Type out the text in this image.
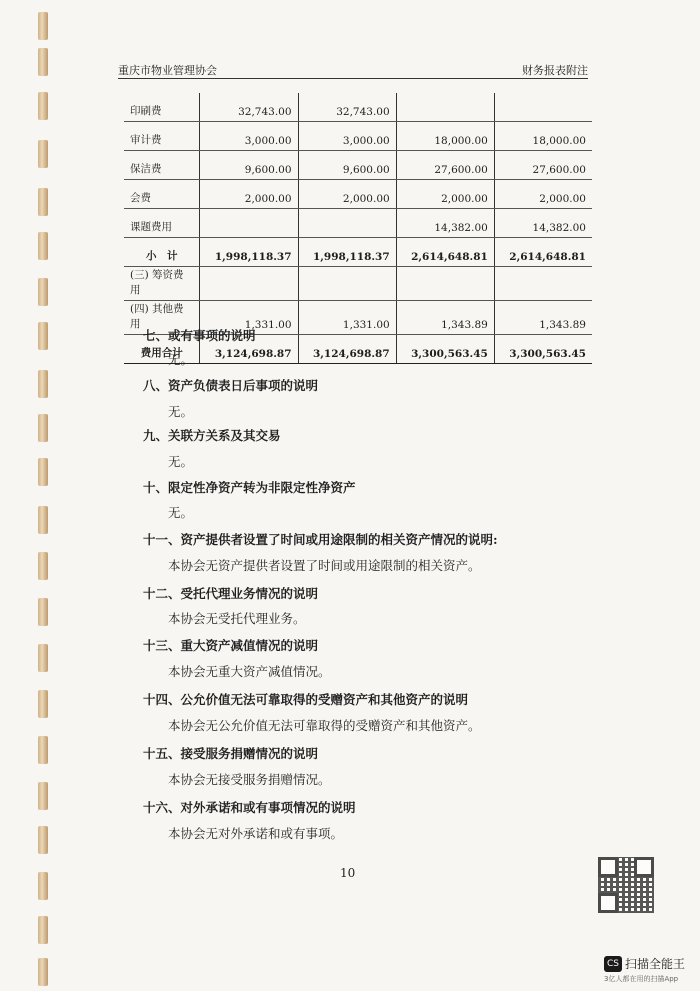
重庆市物业管理协会	财务报表附注
印刷费	32,743.00	32,743.00		
审计费	3,000.00	3,000.00	18,000.00	18,000.00
保洁费	9,600.00	9,600.00	27,600.00	27,600.00
会费	2,000.00	2,000.00	2,000.00	2,000.00
课题费用			14,382.00	14,382.00
小　计	1,998,118.37	1,998,118.37	2,614,648.81	2,614,648.81
(三) 筹资费用				
(四) 其他费用	1,331.00	1,331.00	1,343.89	1,343.89
费用合计	3,124,698.87	3,124,698.87	3,300,563.45	3,300,563.45
七、或有事项的说明
无。
八、资产负债表日后事项的说明
无。
九、关联方关系及其交易
无。
十、限定性净资产转为非限定性净资产
无。
十一、资产提供者设置了时间或用途限制的相关资产情况的说明:
本协会无资产提供者设置了时间或用途限制的相关资产。
十二、受托代理业务情况的说明
本协会无受托代理业务。
十三、重大资产减值情况的说明
本协会无重大资产减值情况。
十四、公允价值无法可靠取得的受赠资产和其他资产的说明
本协会无公允价值无法可靠取得的受赠资产和其他资产。
十五、接受服务捐赠情况的说明
本协会无接受服务捐赠情况。
十六、对外承诺和或有事项情况的说明
本协会无对外承诺和或有事项。
10
CS 扫描全能王
3亿人都在用的扫描App
